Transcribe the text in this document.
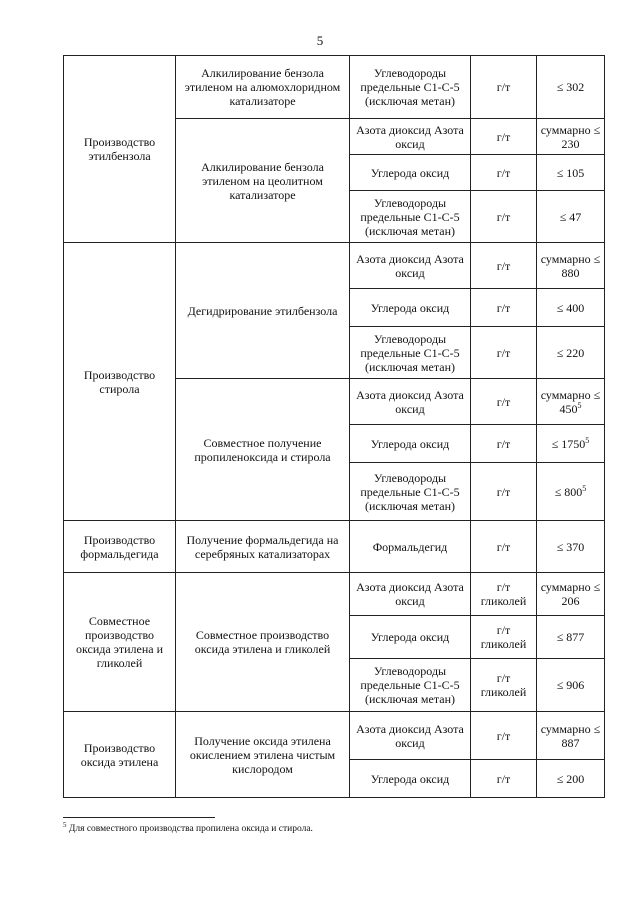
5
Производство этилбензола	Алкилирование бензола этиленом на алюмохлоридном катализаторе	Углеводороды предельные С1-С-5 (исключая метан)	г/т	≤ 302
	Алкилирование бензола этиленом на цеолитном катализаторе	Азота диоксид Азота оксид	г/т	суммарно ≤ 230
		Углерода оксид	г/т	≤ 105
		Углеводороды предельные С1-С-5 (исключая метан)	г/т	≤ 47
Производство стирола	Дегидрирование этилбензола	Азота диоксид Азота оксид	г/т	суммарно ≤ 880
		Углерода оксид	г/т	≤ 400
		Углеводороды предельные С1-С-5 (исключая метан)	г/т	≤ 220
	Совместное получение пропиленоксида и стирола	Азота диоксид Азота оксид	г/т	суммарно ≤ $450^5$
		Углерода оксид	г/т	≤ $1750^5$
		Углеводороды предельные С1-С-5 (исключая метан)	г/т	≤ $800^5$
Производство формальдегида	Получение формальдегида на серебряных катализаторах	Формальдегид	г/т	≤ 370
Совместное производство оксида этилена и гликолей	Совместное производство оксида этилена и гликолей	Азота диоксид Азота оксид	г/т гликолей	суммарно ≤ 206
		Углерода оксид	г/т гликолей	≤ 877
		Углеводороды предельные С1-С-5 (исключая метан)	г/т гликолей	≤ 906
Производство оксида этилена	Получение оксида этилена окислением этилена чистым кислородом	Азота диоксид Азота оксид	г/т	суммарно ≤ 887
		Углерода оксид	г/т	≤ 200
$^5$ Для совместного производства пропилена оксида и стирола.
